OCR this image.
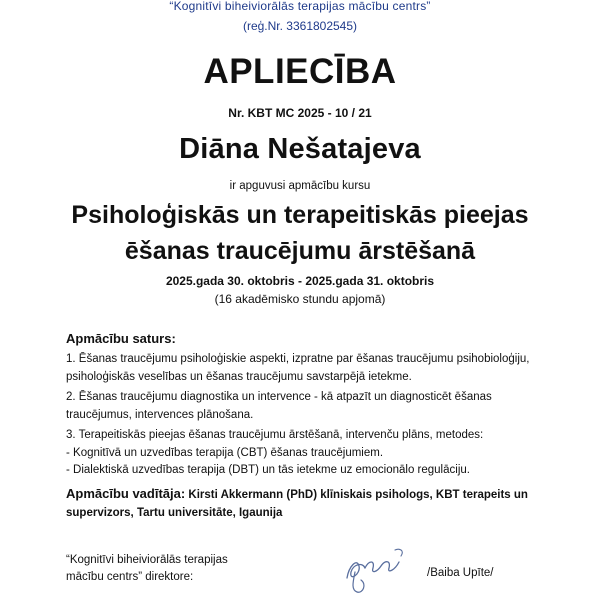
“Kognitīvi biheiviorālās terapijas mācību centrs”
(reģ.Nr. 3361802545)
APLIECĪBA
Nr. KBT MC 2025 - 10 / 21
Diāna Nešatajeva
ir apguvusi apmācību kursu
Psiholoģiskās un terapeitiskās pieejas
ēšanas traucējumu ārstēšanā
2025.gada 30. oktobris - 2025.gada 31. oktobris
(16 akadēmisko stundu apjomā)
Apmācību saturs:
1. Ēšanas traucējumu psiholoģiskie aspekti, izpratne par ēšanas traucējumu psihobioloģiju,
psiholoģiskās veselības un ēšanas traucējumu savstarpējā ietekme.
2. Ēšanas traucējumu diagnostika un intervence - kā atpazīt un diagnosticēt ēšanas
traucējumus, intervences plānošana.
3. Terapeitiskās pieejas ēšanas traucējumu ārstēšanā, intervenču plāns, metodes:
- Kognitīvā un uzvedības terapija (CBT) ēšanas traucējumiem.
- Dialektiskā uzvedības terapija (DBT) un tās ietekme uz emocionālo regulāciju.
Apmācību vadītāja: Kirsti Akkermann (PhD) klīniskais psihologs, KBT terapeits un
supervizors, Tartu universitāte, Igaunija
“Kognitīvi biheiviorālās terapijas
mācību centrs” direktore:	/Baiba Upīte/
